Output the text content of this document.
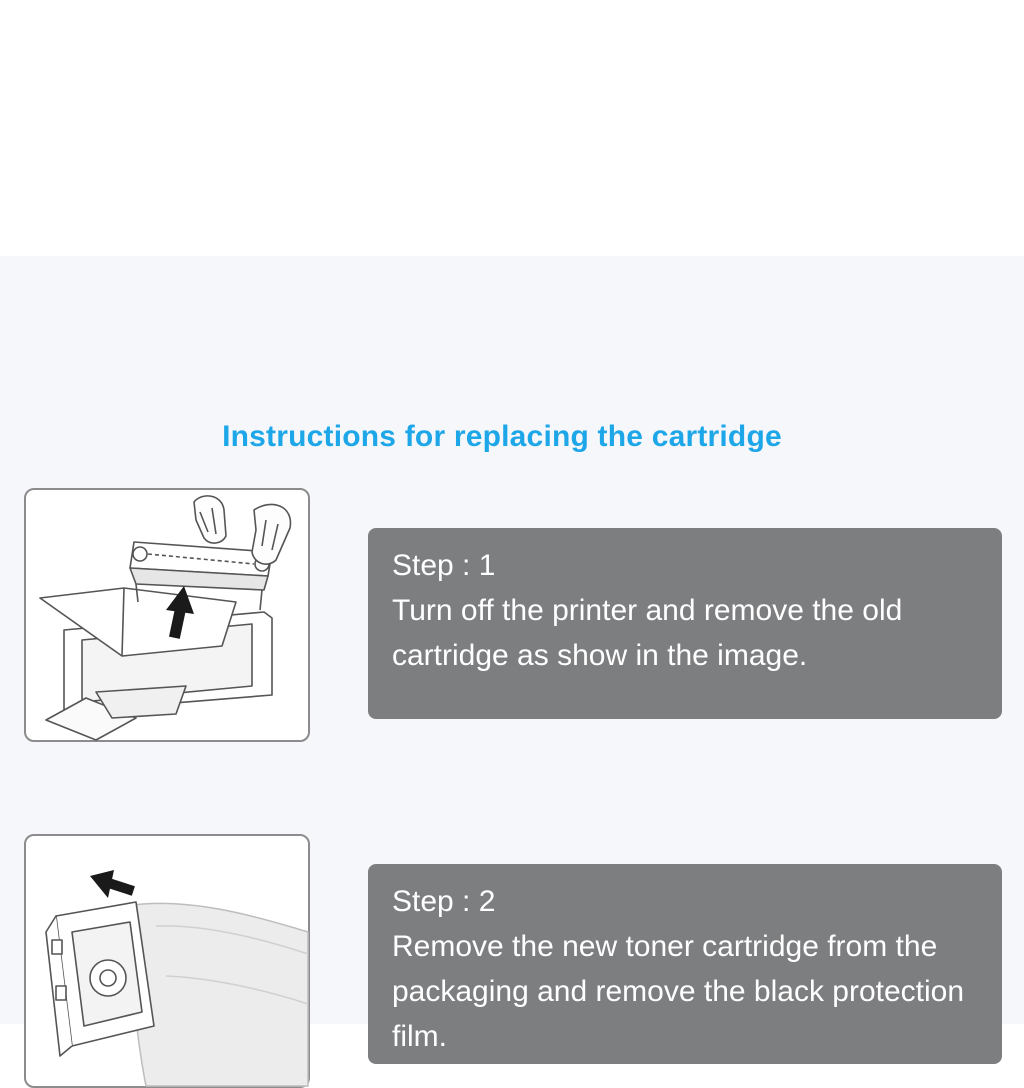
Instructions for replacing the cartridge
Step : 1
Turn off the printer and remove the old cartridge as show in the image.
Step : 2
Remove the new toner cartridge from the packaging and remove the black protection film.
